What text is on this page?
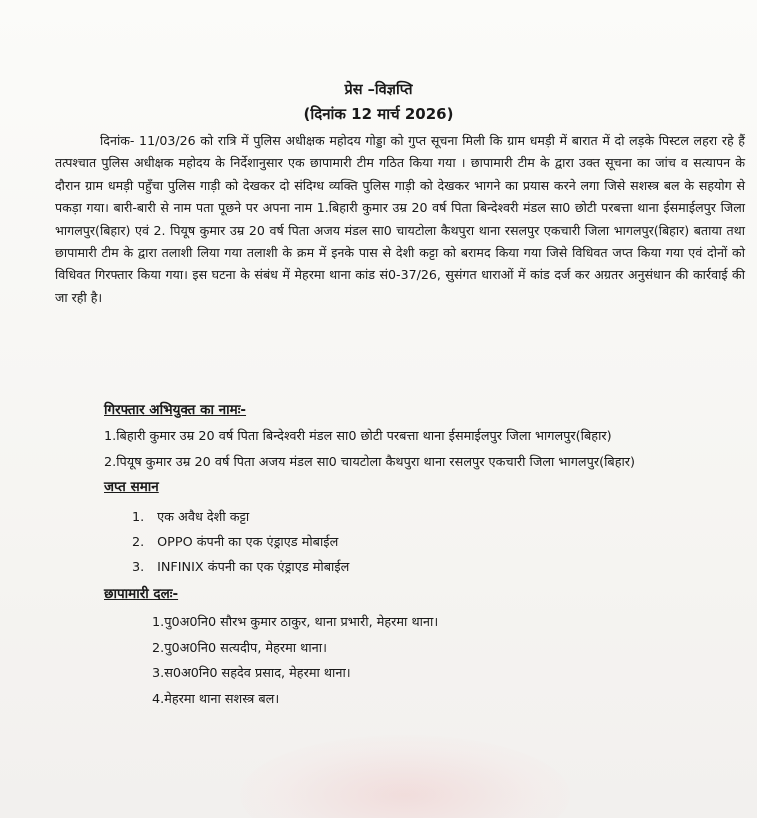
प्रेस –विज्ञप्ति
(दिनांक 12 मार्च 2026)
दिनांक- 11/03/26 को रात्रि में पुलिस अधीक्षक महोदय गोड्डा को गुप्त सूचना मिली कि ग्राम धमड़ी में बारात में दो लड़के पिस्टल लहरा रहे हैं तत्पश्चात पुलिस अधीक्षक महोदय के निर्देशानुसार एक छापामारी टीम गठित किया गया । छापामारी टीम के द्वारा उक्त सूचना का जांच व सत्यापन के दौरान ग्राम धमड़ी पहुँचा पुलिस गाड़ी को देखकर दो संदिग्ध व्यक्ति पुलिस गाड़ी को देखकर भागने का प्रयास करने लगा जिसे सशस्त्र बल के सहयोग से पकड़ा गया। बारी-बारी से नाम पता पूछने पर अपना नाम 1.बिहारी कुमार उम्र 20 वर्ष पिता बिन्देश्वरी मंडल सा0 छोटी परबत्ता थाना ईसमाईलपुर जिला भागलपुर(बिहार) एवं 2. पियूष कुमार उम्र 20 वर्ष पिता अजय मंडल सा0 चायटोला कैथपुरा थाना रसलपुर एकचारी जिला भागलपुर(बिहार) बताया तथा छापामारी टीम के द्वारा तलाशी लिया गया तलाशी के क्रम में इनके पास से देशी कट्टा को बरामद किया गया जिसे विधिवत जप्त किया गया एवं दोनों को विधिवत गिरफ्तार किया गया। इस घटना के संबंध में मेहरमा थाना कांड सं0-37/26, सुसंगत धाराओं में कांड दर्ज कर अग्रतर अनुसंधान की कार्रवाई की जा रही है।
गिरफ्तार अभियुक्त का नामः-
1.बिहारी कुमार उम्र 20 वर्ष पिता बिन्देश्वरी मंडल सा0 छोटी परबत्ता थाना ईसमाईलपुर जिला भागलपुर(बिहार)
2.पियूष कुमार उम्र 20 वर्ष पिता अजय मंडल सा0 चायटोला कैथपुरा थाना रसलपुर एकचारी जिला भागलपुर(बिहार)
जप्त समान
1. एक अवैध देशी कट्टा
2. OPPO कंपनी का एक एंड्राएड मोबाईल
3. INFINIX कंपनी का एक एंड्राएड मोबाईल
छापामारी दलः-
1.पु0अ0नि0 सौरभ कुमार ठाकुर, थाना प्रभारी, मेहरमा थाना।
2.पु0अ0नि0 सत्यदीप, मेहरमा थाना।
3.स0अ0नि0 सहदेव प्रसाद, मेहरमा थाना।
4.मेहरमा थाना सशस्त्र बल।
